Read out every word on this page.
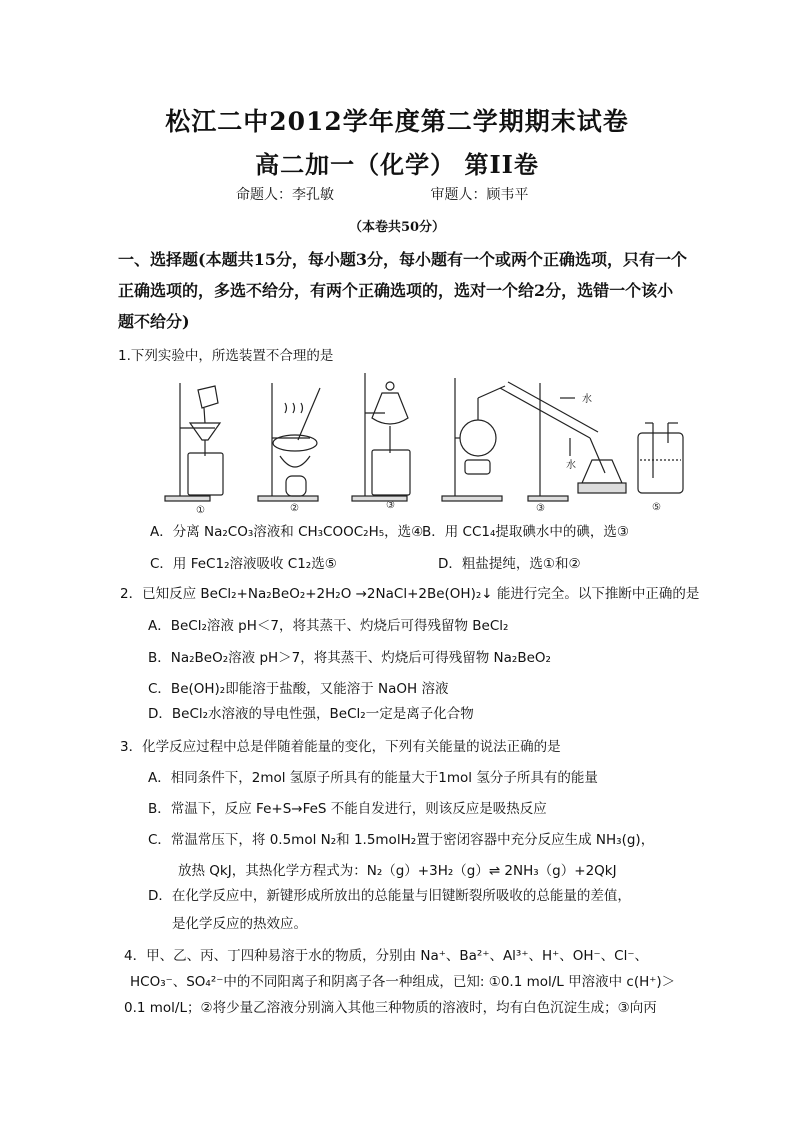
松江二中2012学年度第二学期期末试卷
高二加一（化学） 第II卷
命题人：李孔敏	审题人：顾韦平
（本卷共50分）
一、选择题(本题共15分，每小题3分，每小题有一个或两个正确选项，只有一个正确选项的，多选不给分，有两个正确选项的，选对一个给2分，选错一个该小题不给分)
1.下列实验中，所选装置不合理的是
①	②	③	③	⑤
水
水
A．分离 Na₂CO₃溶液和 CH₃COOC₂H₅，选④
B．用 CC1₄提取碘水中的碘，选③
C．用 FeC1₂溶液吸收 C1₂选⑤	D．粗盐提纯，选①和②
2．已知反应 BeCl₂+Na₂BeO₂+2H₂O →2NaCl+2Be(OH)₂↓ 能进行完全。以下推断中正确的是
A．BeCl₂溶液 pH＜7，将其蒸干、灼烧后可得残留物 BeCl₂
B．Na₂BeO₂溶液 pH＞7，将其蒸干、灼烧后可得残留物 Na₂BeO₂
C．Be(OH)₂即能溶于盐酸，又能溶于 NaOH 溶液
D．BeCl₂水溶液的导电性强，BeCl₂一定是离子化合物
3．化学反应过程中总是伴随着能量的变化，下列有关能量的说法正确的是
A．相同条件下，2mol 氢原子所具有的能量大于1mol 氢分子所具有的能量
B．常温下，反应 Fe+S→FeS 不能自发进行，则该反应是吸热反应
C．常温常压下，将 0.5mol N₂和 1.5molH₂置于密闭容器中充分反应生成 NH₃(g)，
放热 QkJ，其热化学方程式为：N₂（g）+3H₂（g）⇌ 2NH₃（g）+2QkJ
D．在化学反应中，新键形成所放出的总能量与旧键断裂所吸收的总能量的差值，
是化学反应的热效应。
4．甲、乙、丙、丁四种易溶于水的物质，分别由 Na⁺、Ba²⁺、Al³⁺、H⁺、OH⁻、Cl⁻、
HCO₃⁻、SO₄²⁻中的不同阳离子和阴离子各一种组成，已知: ①0.1 mol/L 甲溶液中 c(H⁺)＞
0.1 mol/L；②将少量乙溶液分别滴入其他三种物质的溶液时，均有白色沉淀生成；③向丙
